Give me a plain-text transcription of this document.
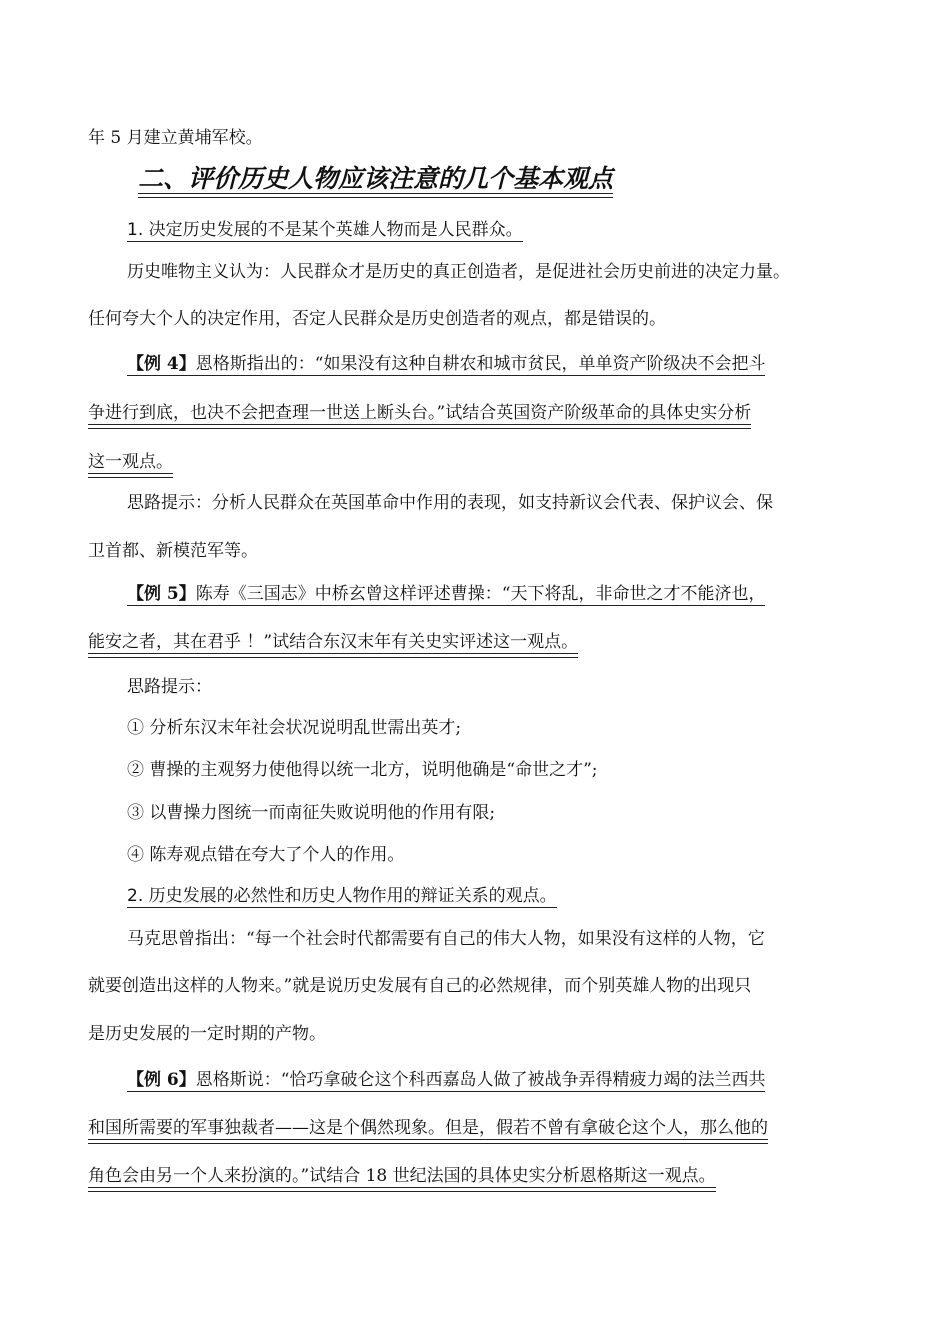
年 5 月建立黄埔军校。
二、评价历史人物应该注意的几个基本观点
1. 决定历史发展的不是某个英雄人物而是人民群众。
历史唯物主义认为：人民群众才是历史的真正创造者，是促进社会历史前进的决定力量。
任何夸大个人的决定作用，否定人民群众是历史创造者的观点，都是错误的。
【例 4】恩格斯指出的：“如果没有这种自耕农和城市贫民，单单资产阶级决不会把斗
争进行到底，也决不会把查理一世送上断头台。”试结合英国资产阶级革命的具体史实分析
这一观点。
思路提示：分析人民群众在英国革命中作用的表现，如支持新议会代表、保护议会、保
卫首都、新模范军等。
【例 5】陈寿《三国志》中桥玄曾这样评述曹操：“天下将乱，非命世之才不能济也，
能安之者，其在君乎 ！”试结合东汉末年有关史实评述这一观点。
思路提示：
① 分析东汉末年社会状况说明乱世需出英才;
② 曹操的主观努力使他得以统一北方，说明他确是“命世之才”;
③ 以曹操力图统一而南征失败说明他的作用有限;
④ 陈寿观点错在夸大了个人的作用。
2. 历史发展的必然性和历史人物作用的辩证关系的观点。
马克思曾指出：“每一个社会时代都需要有自己的伟大人物，如果没有这样的人物，它
就要创造出这样的人物来。”就是说历史发展有自己的必然规律，而个别英雄人物的出现只
是历史发展的一定时期的产物。
【例 6】恩格斯说：“恰巧拿破仑这个科西嘉岛人做了被战争弄得精疲力竭的法兰西共
和国所需要的军事独裁者——这是个偶然现象。但是，假若不曾有拿破仑这个人，那么他的
角色会由另一个人来扮演的。”试结合 18 世纪法国的具体史实分析恩格斯这一观点。
